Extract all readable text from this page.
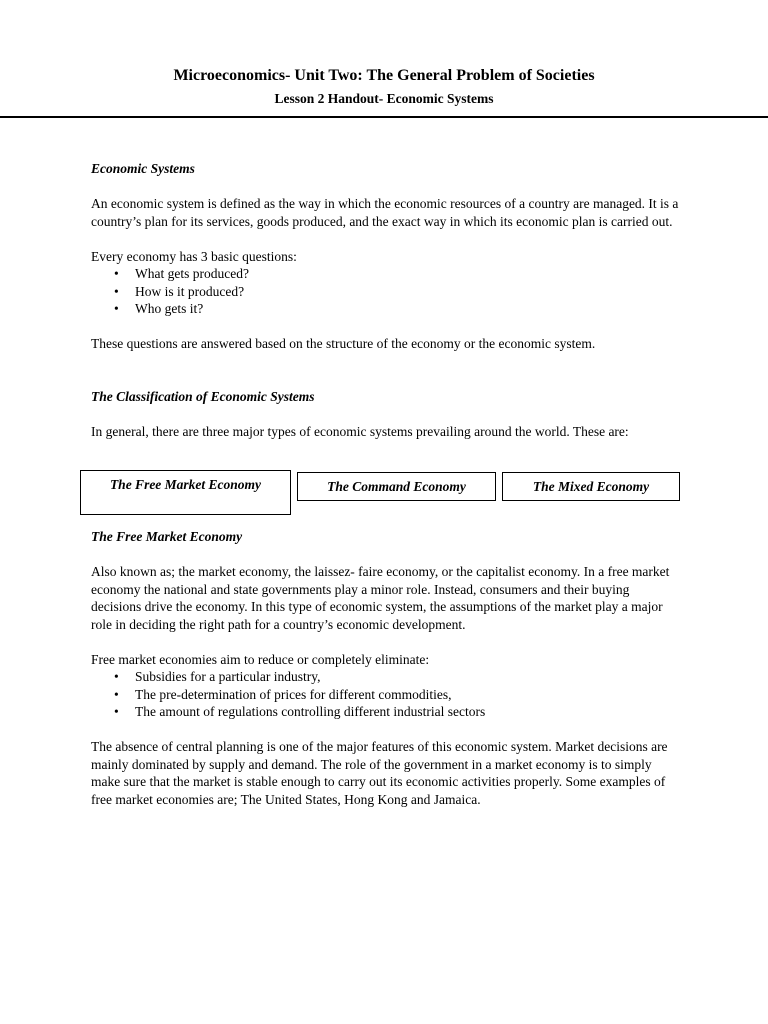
Microeconomics- Unit Two: The General Problem of Societies
Lesson 2 Handout- Economic Systems
Economic Systems

An economic system is defined as the way in which the economic resources of a country are managed. It is a country’s plan for its services, goods produced, and the exact way in which its economic plan is carried out.

Every economy has 3 basic questions:

• What gets produced?
• How is it produced?
• Who gets it?

These questions are answered based on the structure of the economy or the economic system.

The Classification of Economic Systems

In general, there are three major types of economic systems prevailing around the world. These are:

The Free Market Economy	The Command Economy	The Mixed Economy
The Free Market Economy

Also known as; the market economy, the laissez- faire economy, or the capitalist economy. In a free market economy the national and state governments play a minor role. Instead, consumers and their buying decisions drive the economy. In this type of economic system, the assumptions of the market play a major role in deciding the right path for a country’s economic development.

Free market economies aim to reduce or completely eliminate:

• Subsidies for a particular industry,
• The pre-determination of prices for different commodities,
• The amount of regulations controlling different industrial sectors

The absence of central planning is one of the major features of this economic system. Market decisions are mainly dominated by supply and demand. The role of the government in a market economy is to simply make sure that the market is stable enough to carry out its economic activities properly. Some examples of free market economies are; The United States, Hong Kong and Jamaica.
